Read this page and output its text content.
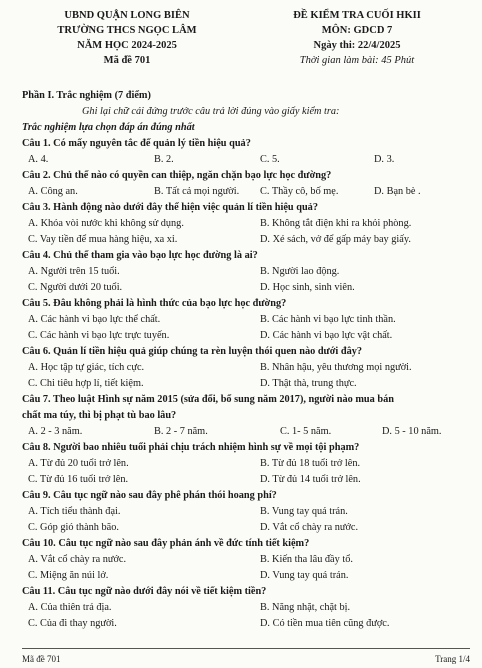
UBND QUẬN LONG BIÊN
TRƯỜNG THCS NGỌC LÂM
NĂM HỌC 2024-2025
Mã đề 701
ĐỀ KIỂM TRA CUỐI HKII
MÔN: GDCD 7
Ngày thi: 22/4/2025
Thời gian làm bài: 45 Phút
Phần I. Trắc nghiệm (7 điểm)
Ghi lại chữ cái đứng trước câu trả lời đúng vào giấy kiểm tra:
Trắc nghiệm lựa chọn đáp án đúng nhất
Câu 1. Có mấy nguyên tắc để quản lý tiền hiệu quả?
A. 4.	B. 2.	C. 5.	D. 3.
Câu 2. Chủ thể nào có quyền can thiệp, ngăn chặn bạo lực học đường?
A. Công an.	B. Tất cả mọi người. C. Thầy cô, bố mẹ.	D. Bạn bè .
Câu 3. Hành động nào dưới đây thể hiện việc quản lí tiền hiệu quả?
A. Khóa vòi nước khi không sử dụng.	B. Không tắt điện khi ra khỏi phòng.
C. Vay tiền để mua hàng hiệu, xa xỉ.	D. Xé sách, vở để gấp máy bay giấy.
Câu 4. Chủ thể tham gia vào bạo lực học đường là ai?
A. Người trên 15 tuổi.	B. Người lao động.
C. Người dưới 20 tuổi.	D. Học sinh, sinh viên.
Câu 5. Đâu không phải là hình thức của bạo lực học đường?
A. Các hành vi bạo lực thể chất.	B. Các hành vi bạo lực tinh thần.
C. Các hành vi bạo lực trực tuyến.	D. Các hành vi bạo lực vật chất.
Câu 6. Quản lí tiền hiệu quả giúp chúng ta rèn luyện thói quen nào dưới đây?
A. Học tập tự giác, tích cực.	B. Nhân hậu, yêu thương mọi người.
C. Chi tiêu hợp lí, tiết kiệm.	D. Thật thà, trung thực.
Câu 7. Theo luật Hình sự năm 2015 (sửa đổi, bổ sung năm 2017), người nào mua bán
chất ma túy, thì bị phạt tù bao lâu?
A. 2 - 3 năm.	B. 2 - 7 năm.	C. 1- 5 năm.	D. 5 - 10 năm.
Câu 8. Người bao nhiêu tuổi phải chịu trách nhiệm hình sự về mọi tội phạm?
A. Từ đủ 20 tuổi trở lên.	B. Từ đủ 18 tuổi trở lên.
C. Từ đủ 16 tuổi trở lên.	D. Từ đủ 14 tuổi trở lên.
Câu 9. Câu tục ngữ nào sau đây phê phán thói hoang phí?
A. Tích tiểu thành đại.	B. Vung tay quá trán.
C. Góp gió thành bão.	D. Vắt cổ chày ra nước.
Câu 10. Câu tục ngữ nào sau đây phản ánh về đức tính tiết kiệm?
A. Vắt cổ chày ra nước.	B. Kiến tha lâu đầy tổ.
C. Miệng ăn núi lở.	D. Vung tay quá trán.
Câu 11. Câu tục ngữ nào dưới đây nói về tiết kiệm tiền?
A. Của thiên trả địa.	B. Năng nhặt, chặt bị.
C. Của đi thay người.	D. Có tiền mua tiên cũng được.
Mã đề 701	Trang 1/4
